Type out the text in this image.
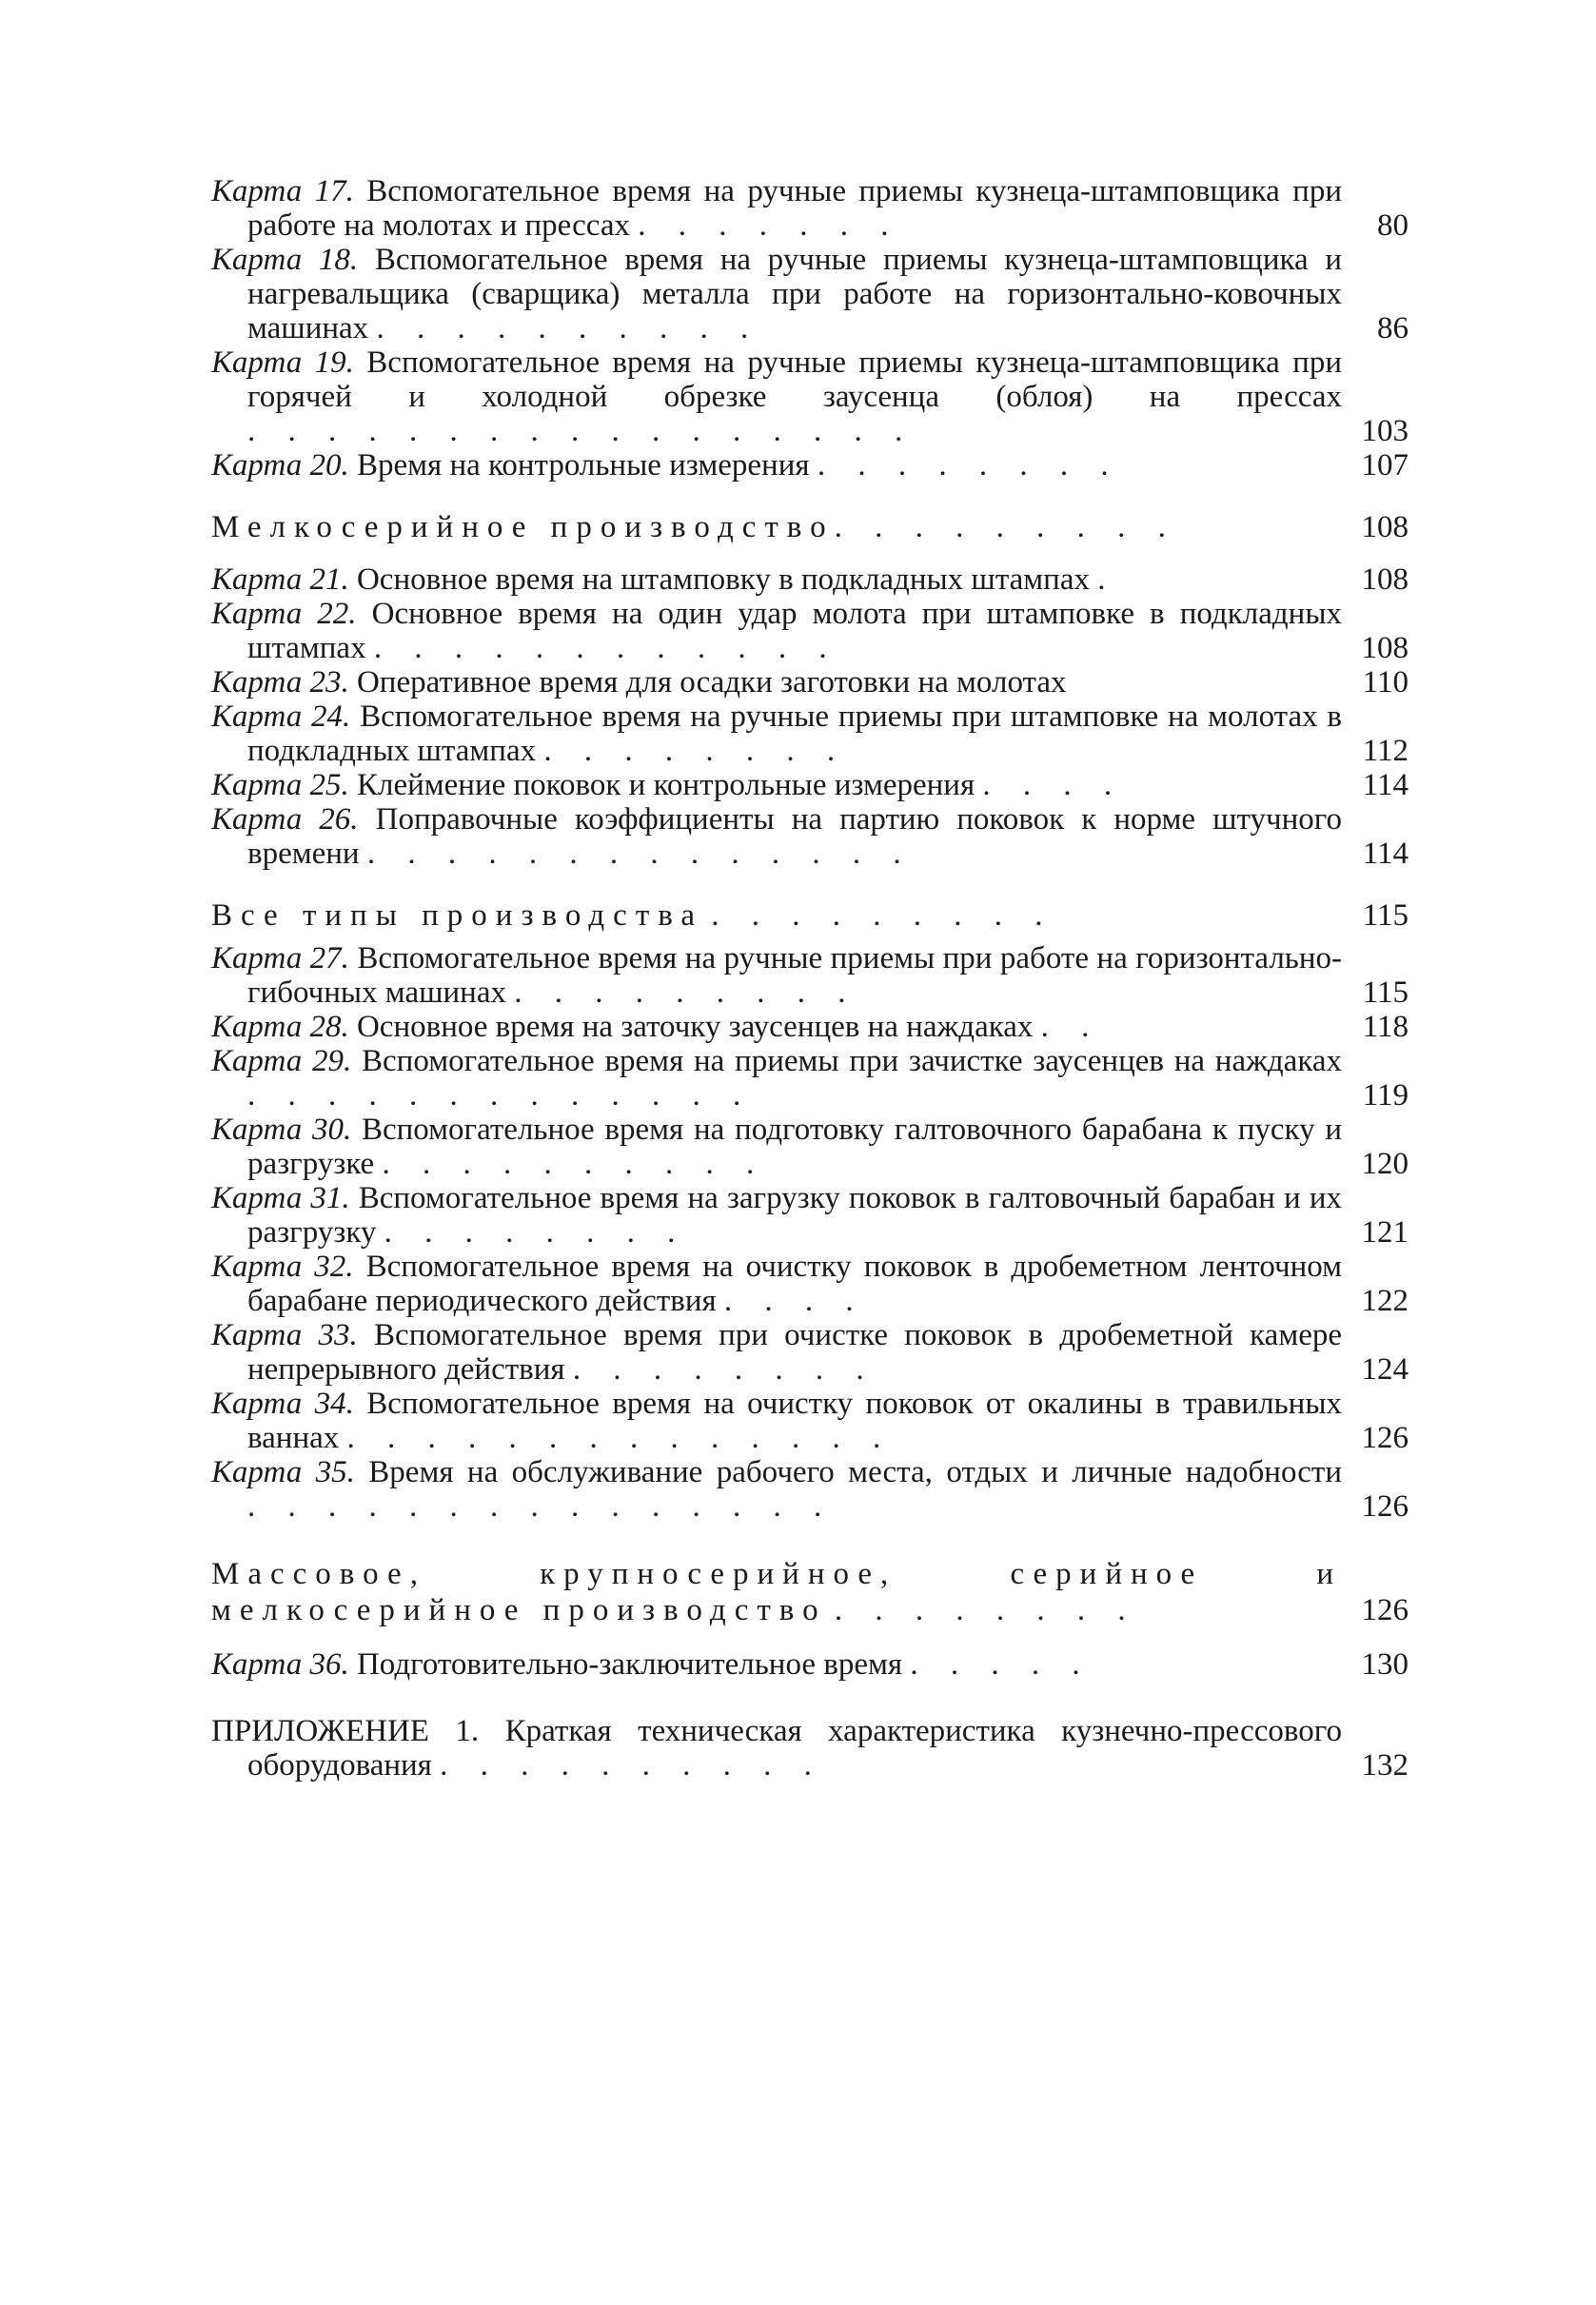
Карта 17. Вспомогательное время на ручные приемы кузнеца-штамповщика при работе на молотах и прессах . . . . . . .	80
Карта 18. Вспомогательное время на ручные приемы кузнеца-штамповщика и нагревальщика (сварщика) металла при работе на горизонтально-ковочных машинах . . . . . . . . . .	86
Карта 19. Вспомогательное время на ручные приемы кузнеца-штамповщика при горячей и холодной обрезке заусенца (облоя) на прессах . . . . . . . . . . . . . . . . .	103
Карта 20. Время на контрольные измерения . . . . . . . .	107
Мелкосерийное производство. . . . . . . . .	108
Карта 21. Основное время на штамповку в подкладных штампах .	108
Карта 22. Основное время на один удар молота при штамповке в подкладных штампах . . . . . . . . . . . .	108
Карта 23. Оперативное время для осадки заготовки на молотах	110
Карта 24. Вспомогательное время на ручные приемы при штамповке на молотах в подкладных штампах . . . . . . . .	112
Карта 25. Клеймение поковок и контрольные измерения . . . .	114
Карта 26. Поправочные коэффициенты на партию поковок к норме штучного времени . . . . . . . . . . . . . .	114
Все типы производства . . . . . . . . .	115
Карта 27. Вспомогательное время на ручные приемы при работе на горизонтально-гибочных машинах . . . . . . . . .	115
Карта 28. Основное время на заточку заусенцев на наждаках . .	118
Карта 29. Вспомогательное время на приемы при зачистке заусенцев на наждаках . . . . . . . . . . . . .	119
Карта 30. Вспомогательное время на подготовку галтовочного барабана к пуску и разгрузке . . . . . . . . . .	120
Карта 31. Вспомогательное время на загрузку поковок в галтовочный барабан и их разгрузку . . . . . . . .	121
Карта 32. Вспомогательное время на очистку поковок в дробеметном ленточном барабане периодического действия . . . .	122
Карта 33. Вспомогательное время при очистке поковок в дробеметной камере непрерывного действия . . . . . . . .	124
Карта 34. Вспомогательное время на очистку поковок от окалины в травильных ваннах . . . . . . . . . . . . . .	126
Карта 35. Время на обслуживание рабочего места, отдых и личные надобности . . . . . . . . . . . . . . .	126
Массовое, крупносерийное, серийное и мелкосерийное производство . . . . . . . .	126
Карта 36. Подготовительно-заключительное время . . . . .	130
ПРИЛОЖЕНИЕ 1. Краткая техническая характеристика кузнечно-прессового оборудования . . . . . . . . . .	132
